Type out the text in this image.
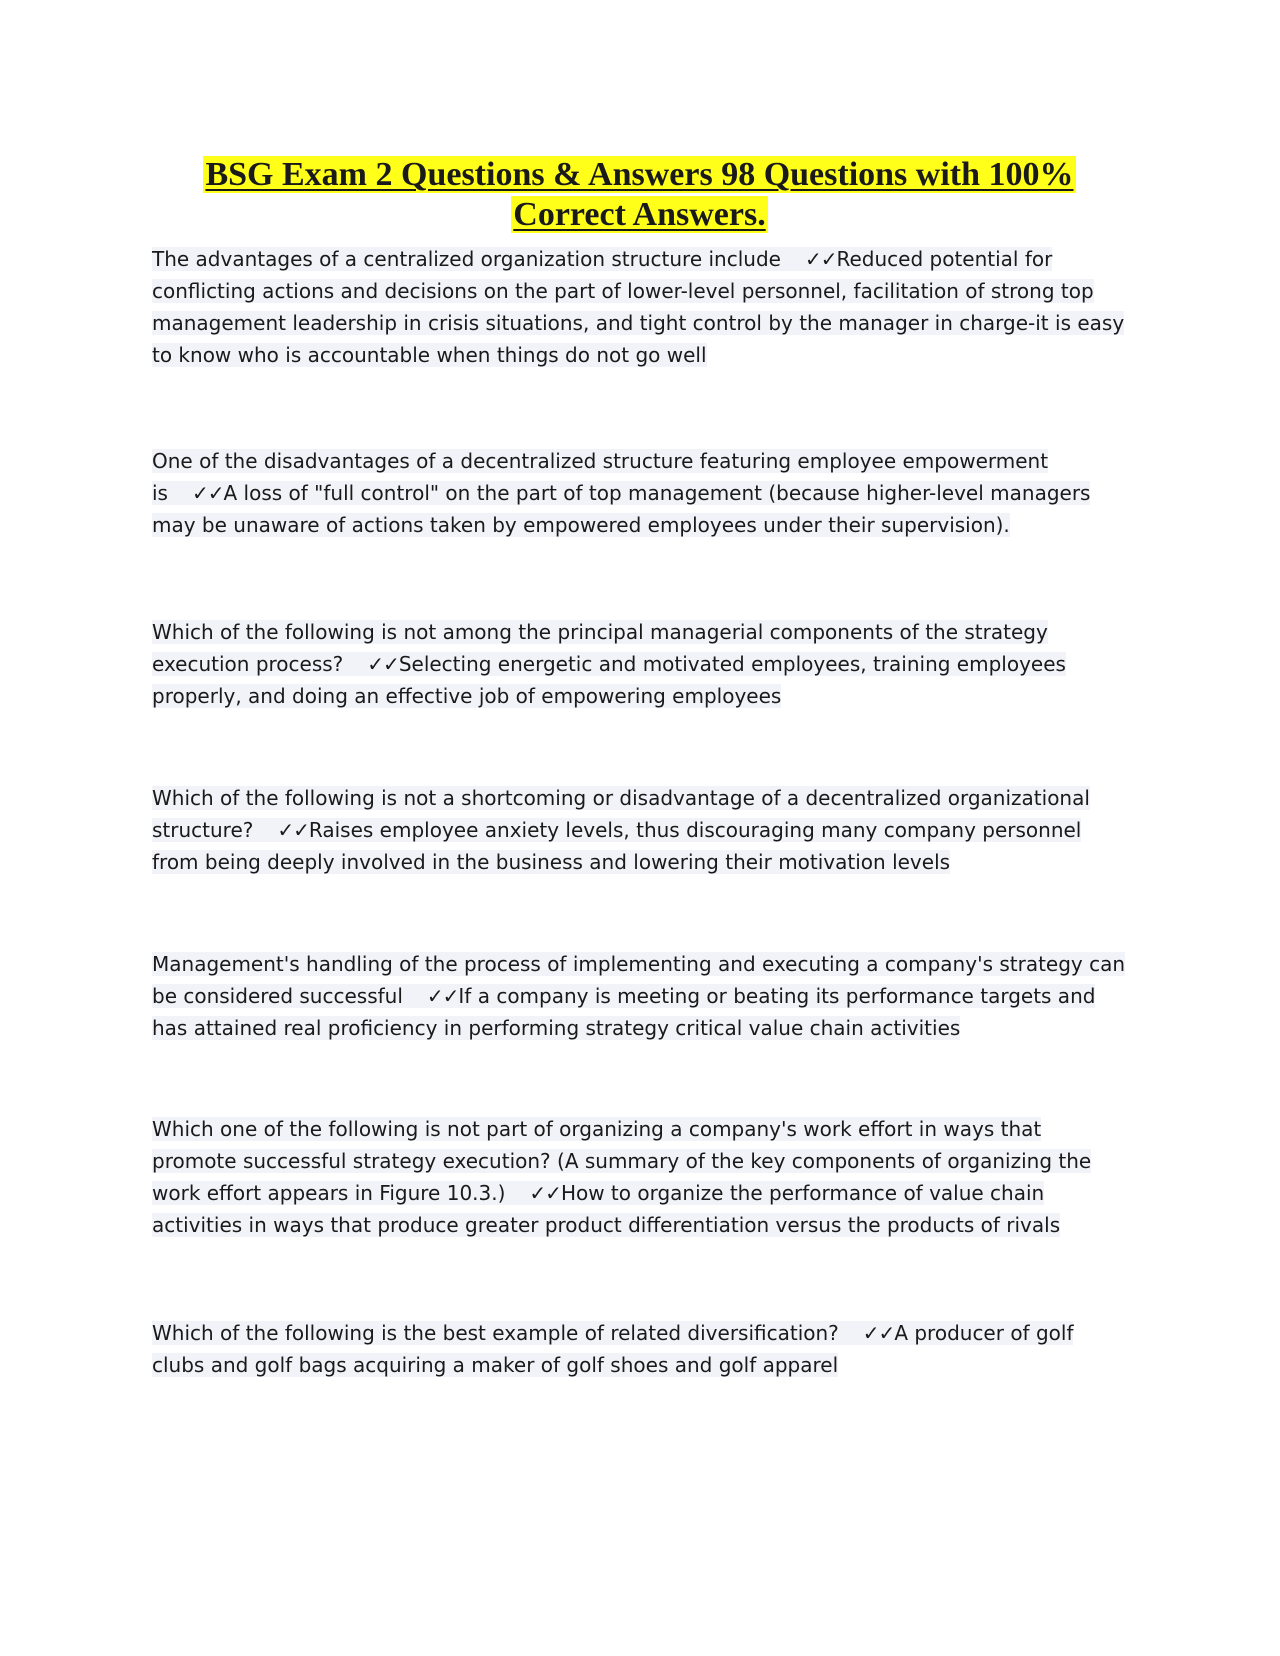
BSG Exam 2 Questions & Answers 98 Questions with 100% Correct Answers.

The advantages of a centralized organization structure include ✓✓Reduced potential for conflicting actions and decisions on the part of lower-level personnel, facilitation of strong top management leadership in crisis situations, and tight control by the manager in charge-it is easy to know who is accountable when things do not go well

One of the disadvantages of a decentralized structure featuring employee empowerment is ✓✓A loss of "full control" on the part of top management (because higher-level managers may be unaware of actions taken by empowered employees under their supervision).

Which of the following is not among the principal managerial components of the strategy execution process? ✓✓Selecting energetic and motivated employees, training employees properly, and doing an effective job of empowering employees

Which of the following is not a shortcoming or disadvantage of a decentralized organizational structure? ✓✓Raises employee anxiety levels, thus discouraging many company personnel from being deeply involved in the business and lowering their motivation levels

Management's handling of the process of implementing and executing a company's strategy can be considered successful ✓✓If a company is meeting or beating its performance targets and has attained real proficiency in performing strategy critical value chain activities

Which one of the following is not part of organizing a company's work effort in ways that promote successful strategy execution? (A summary of the key components of organizing the work effort appears in Figure 10.3.) ✓✓How to organize the performance of value chain activities in ways that produce greater product differentiation versus the products of rivals

Which of the following is the best example of related diversification? ✓✓A producer of golf clubs and golf bags acquiring a maker of golf shoes and golf apparel
